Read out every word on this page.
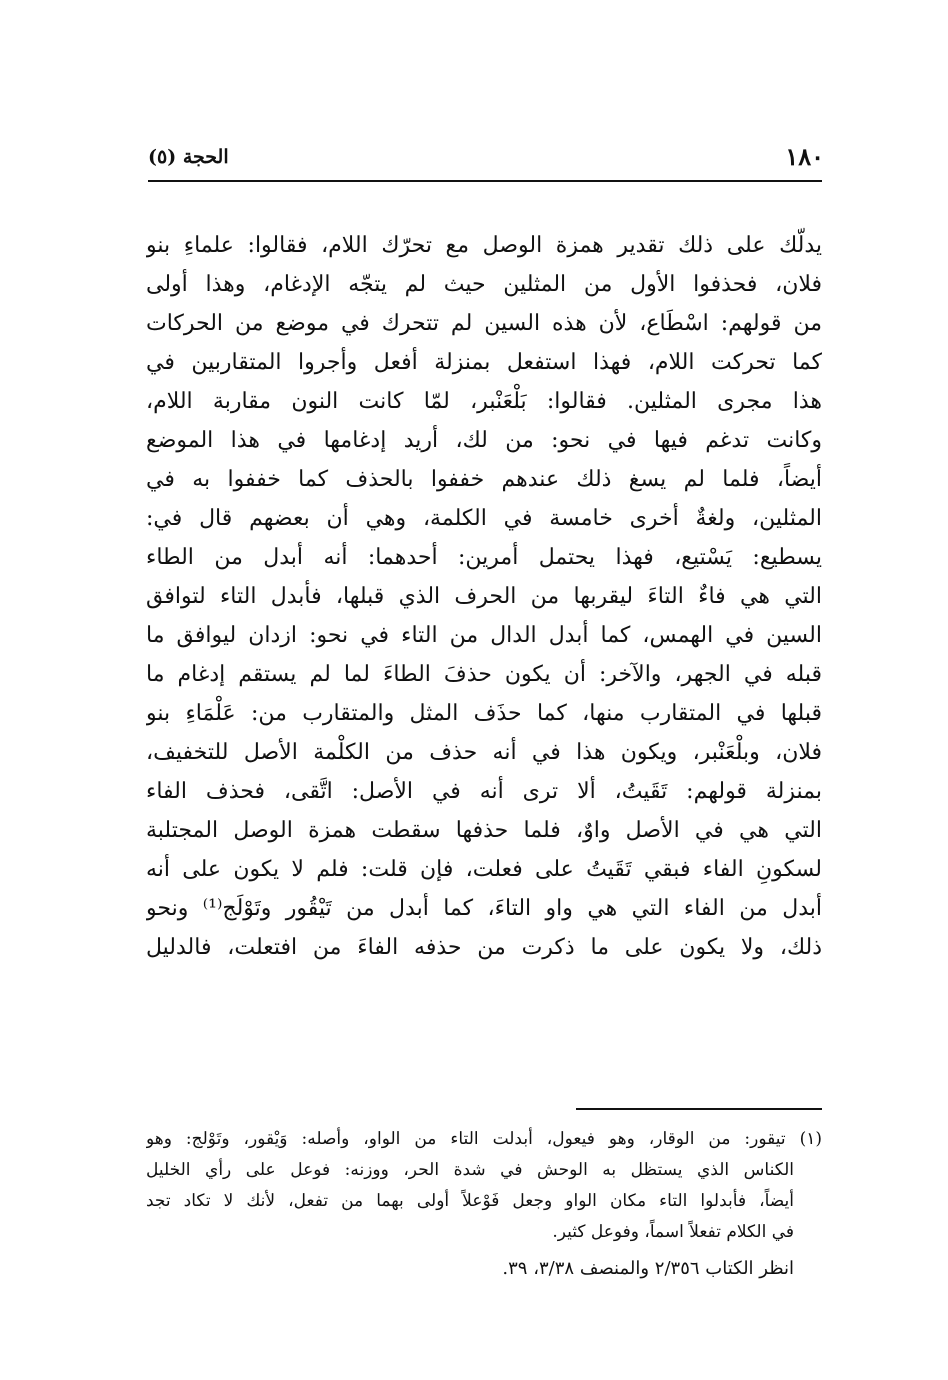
١٨٠
الحجة (٥)
يدلّك على ذلك تقدير همزة الوصل مع تحرّك اللام، فقالوا: علماءِ بنو
فلان، فحذفوا الأول من المثلين حيث لم يتجّه الإدغام، وهذا أولى
من قولهم: اسْطَاع، لأن هذه السين لم تتحرك في موضع من الحركات
كما تحركت اللام، فهذا استفعل بمنزلة أفعل وأجروا المتقاربين في
هذا مجرى المثلين. فقالوا: بَلْعَنْبر، لمّا كانت النون مقاربة اللام،
وكانت تدغم فيها في نحو: من لك، أريد إدغامها في هذا الموضع
أيضاً، فلما لم يسغ ذلك عندهم خففوا بالحذف كما خففوا به في
المثلين، ولغةٌ أخرى خامسة في الكلمة، وهي أن بعضهم قال في:
يسطيع: يَسْتيع، فهذا يحتمل أمرين: أحدهما: أنه أبدل من الطاء
التي هي فاءٌ التاءَ ليقربها من الحرف الذي قبلها، فأبدل التاء لتوافق
السين في الهمس، كما أبدل الدال من التاء في نحو: ازدان ليوافق ما
قبله في الجهر، والآخر: أن يكون حذفَ الطاءَ لما لم يستقم إدغام ما
قبلها في المتقارب منها، كما حذَف المثل والمتقارب من: عَلْمَاءِ بنو
فلان، وبلْعَنْبر، ويكون هذا في أنه حذف من الكلْمة الأصل للتخفيف،
بمنزلة قولهم: تَقَيتُ، ألا ترى أنه في الأصل: اتَّقى، فحذف الفاء
التي هي في الأصل واوٌ، فلما حذفها سقطت همزة الوصل المجتلبة
لسكونِ الفاء فبقي تَقَيتُ على فعلت، فإن قلت: فلم لا يكون على أنه
أبدل من الفاء التي هي واو التاءَ، كما أبدل من تَيْقُور وتَوْلَج⁽¹⁾ ونحو
ذلك، ولا يكون على ما ذكرت من حذفه الفاءَ من افتعلت، فالدليل
(١) تيقور: من الوقار، وهو فيعول، أبدلت التاء من الواو، وأصله: وَيْقور، وتَوْلج: وهو
الكناس الذي يستظل به الوحش في شدة الحر، ووزنه: فوعل على رأي الخليل
أيضاً، فأبدلوا التاء مكان الواو وجعل فَوْعلاً أولى بهما من تفعل، لأنك لا تكاد تجد
في الكلام تفعلاً اسماً، وفوعل كثير.
انظر الكتاب ٢/٣٥٦ والمنصف ٣/٣٨، ٣٩.
